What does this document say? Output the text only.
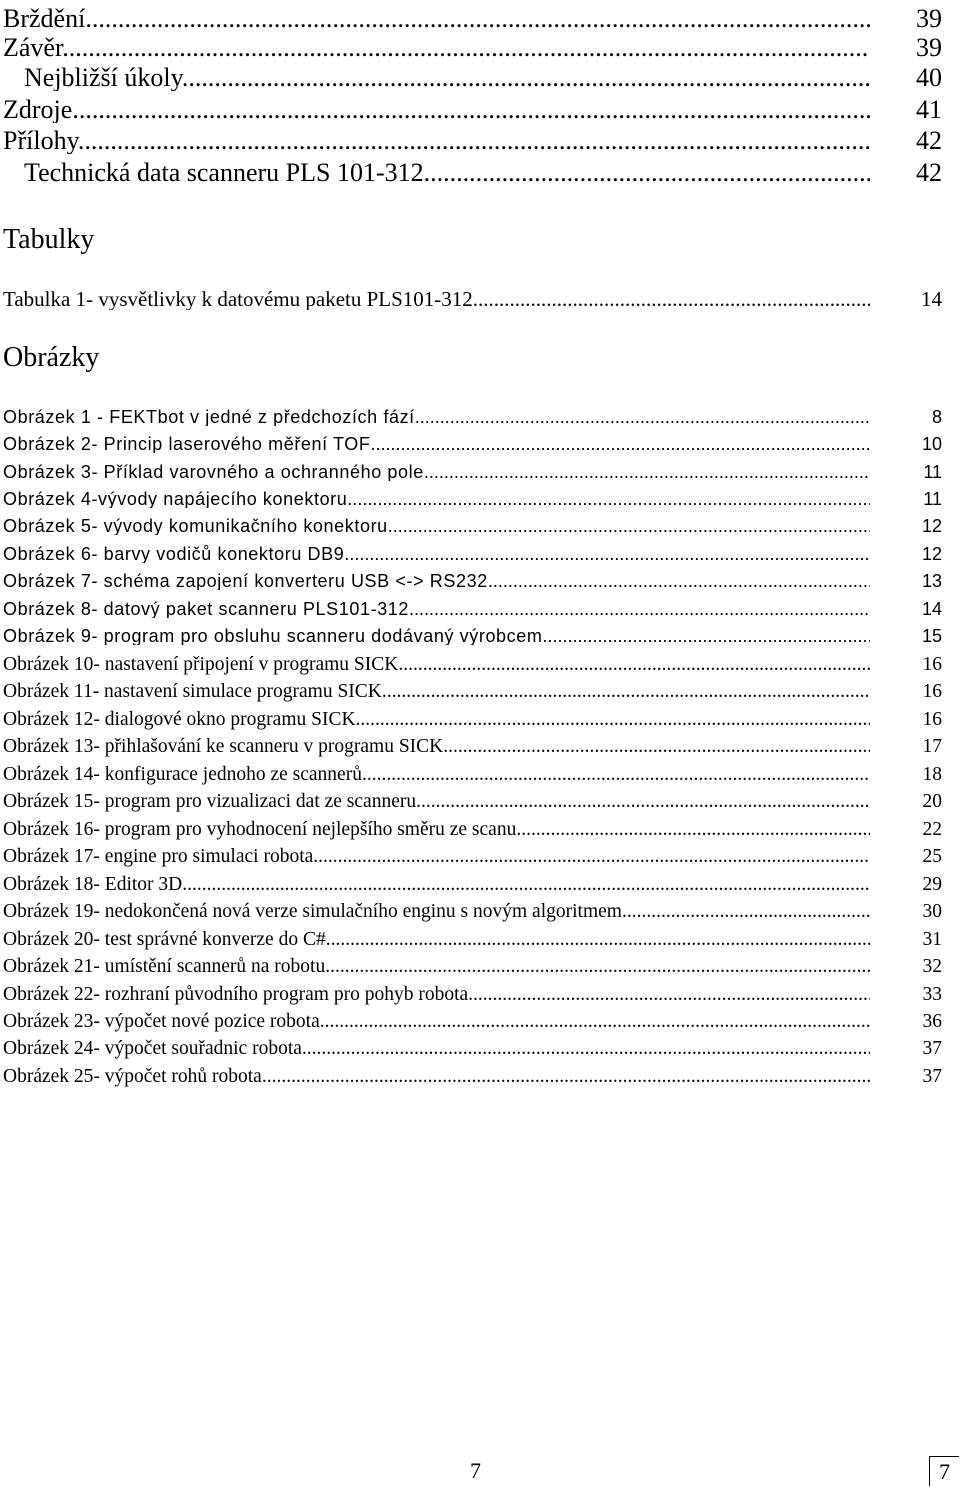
Brždění .....	39
Závěr .....	39
Nejbližší úkoly .....	40
Zdroje .....	41
Přílohy .....	42
Technická data scanneru PLS 101-312 .....	42
Tabulky
Tabulka 1- vysvětlivky k datovému paketu PLS101-312 .....	14
Obrázky
Obrázek 1 - FEKTbot v jedné z předchozích fází .....	8
Obrázek 2- Princip laserového měření TOF .....	10
Obrázek 3- Příklad varovného a ochranného pole .....	11
Obrázek 4-vývody napájecího konektoru .....	11
Obrázek 5- vývody komunikačního konektoru .....	12
Obrázek 6- barvy vodičů konektoru DB9 .....	12
Obrázek 7- schéma zapojení konverteru USB <-> RS232 .....	13
Obrázek 8- datový paket scanneru PLS101-312 .....	14
Obrázek 9- program pro obsluhu scanneru dodávaný výrobcem .....	15
Obrázek 10- nastavení připojení v programu SICK .....	16
Obrázek 11- nastavení simulace programu SICK .....	16
Obrázek 12- dialogové okno programu SICK .....	16
Obrázek 13- přihlašování ke scanneru v programu SICK .....	17
Obrázek 14- konfigurace jednoho ze scannerů .....	18
Obrázek 15- program pro vizualizaci dat ze scanneru .....	20
Obrázek 16- program pro vyhodnocení nejlepšího směru ze scanu .....	22
Obrázek 17- engine pro simulaci robota .....	25
Obrázek 18- Editor 3D .....	29
Obrázek 19- nedokončená nová verze simulačního enginu s novým algoritmem .....	30
Obrázek 20- test správné konverze do C# .....	31
Obrázek 21- umístění scannerů na robotu .....	32
Obrázek 22- rozhraní původního program pro pohyb robota .....	33
Obrázek 23- výpočet nové pozice robota .....	36
Obrázek 24- výpočet souřadnic robota .....	37
Obrázek 25- výpočet rohů robota .....	37
7	7
